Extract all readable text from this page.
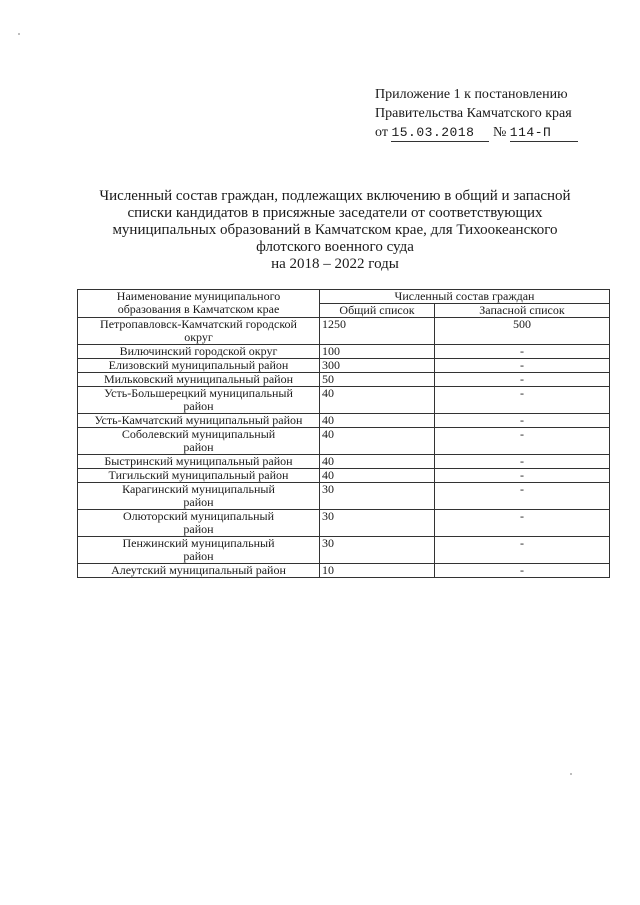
Приложение 1 к постановлению
Правительства Камчатского края
от 15.03.2018 № 114-П
Численный состав граждан, подлежащих включению в общий и запасной
списки кандидатов в присяжные заседатели от соответствующих
муниципальных образований в Камчатском крае, для Тихоокеанского
флотского военного суда
на 2018 – 2022 годы
Наименование муниципального
образования в Камчатском крае	Численный состав граждан	
	Общий список	Запасной список
Петропавловск-Камчатский городской
округ	1250	500
Вилючинский городской округ	100	-
Елизовский муниципальный район	300	-
Мильковский муниципальный район	50	-
Усть-Большерецкий муниципальный
район	40	-
Усть-Камчатский муниципальный район	40	-
Соболевский муниципальный
район	40	-
Быстринский муниципальный район	40	-
Тигильский муниципальный район	40	-
Карагинский муниципальный
район	30	-
Олюторский муниципальный
район	30	-
Пенжинский муниципальный
район	30	-
Алеутский муниципальный район	10	-
